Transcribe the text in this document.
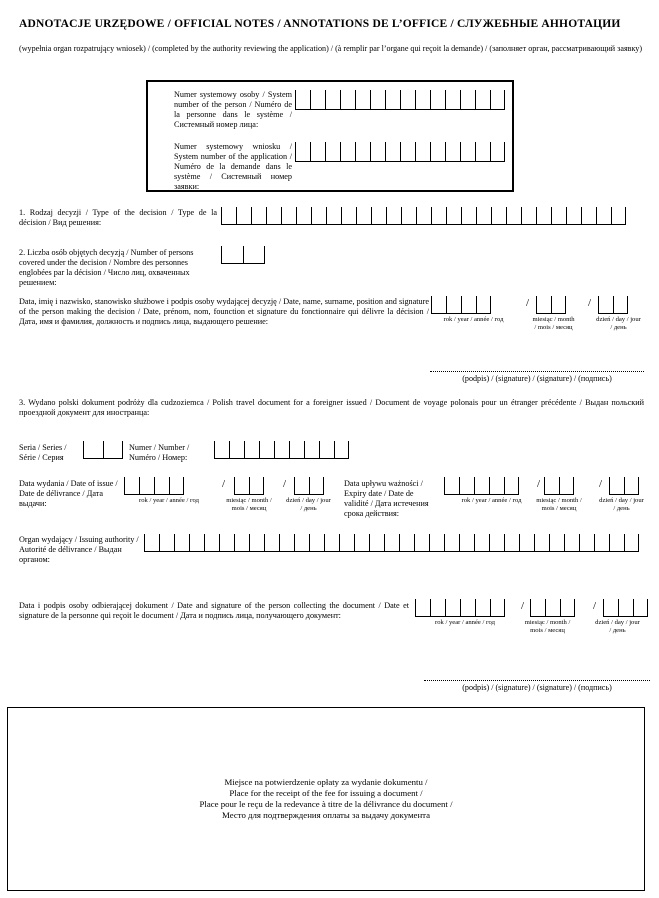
ADNOTACJE URZĘDOWE / OFFICIAL NOTES / ANNOTATIONS DE L’OFFICE / СЛУЖЕБНЫЕ АННОТАЦИИ
(wypełnia organ rozpatrujący wniosek) / (completed by the authority reviewing the application) / (à remplir par l’organe qui reçoit la demande) / (заполняет орган, рассматривающий заявку)
Numer systemowy osoby / System number of the person / Numéro de la personne dans le système / Системный номер лица:
Numer systemowy wniosku / System number of the application / Numéro de la demande dans le système / Системный номер заявки:
1. Rodzaj decyzji / Type of the decision / Type de la décision / Вид решения:
2. Liczba osób objętych decyzją / Number of persons covered under the decision / Nombre des personnes englobées par la décision / Число лиц, охваченных решением:
Data, imię i nazwisko, stanowisko służbowe i podpis osoby wydającej decyzję / Date, name, surname, position and signature of the person making the decision / Date, prénom, nom, founction et signature du fonctionnaire qui délivre la décision / Дата, имя и фамилия, должность и подпись лица, выдающего решение:
/	/
rok / year / année / год	miesiąc / month / mois / месяц
dzień / day / jour / день
(podpis) / (signature) / (signature) / (подпись)
3. Wydano polski dokument podróży dla cudzoziemca / Polish travel document for a foreigner issued / Document de voyage polonais pour un étranger précédente / Выдан польский проездной документ для иностранца:
Seria / Series / Série / Серия
Numer / Number / Numéro / Номер:
Data wydania / Date of issue / Date de délivrance / Дата выдачи:
/	/
rok / year / année / год	miesiąc / month / mois / месяц
dzień / day / jour / день
Data upływu ważności / Expiry date / Date de validité / Дата истечения срока действия:
/	/
rok / year / année / год	miesiąc / month / mois / месяц
dzień / day / jour / день
Organ wydający / Issuing authority / Autorité de délivrance / Выдан органом:
Data i podpis osoby odbierającej dokument / Date and signature of the person collecting the document / Date et signature de la personne qui reçoit le document / Дата и подпись лица, получающего документ:
/	/
rok / year / année / год	miesiąc / month / mois / месяц
dzień / day / jour / день
(podpis) / (signature) / (signature) / (подпись)
Miejsce na potwierdzenie opłaty za wydanie dokumentu /
Place for the receipt of the fee for issuing a document /
Place pour le reçu de la redevance à titre de la délivrance du document /
Место для подтверждения оплаты за выдачу документа
